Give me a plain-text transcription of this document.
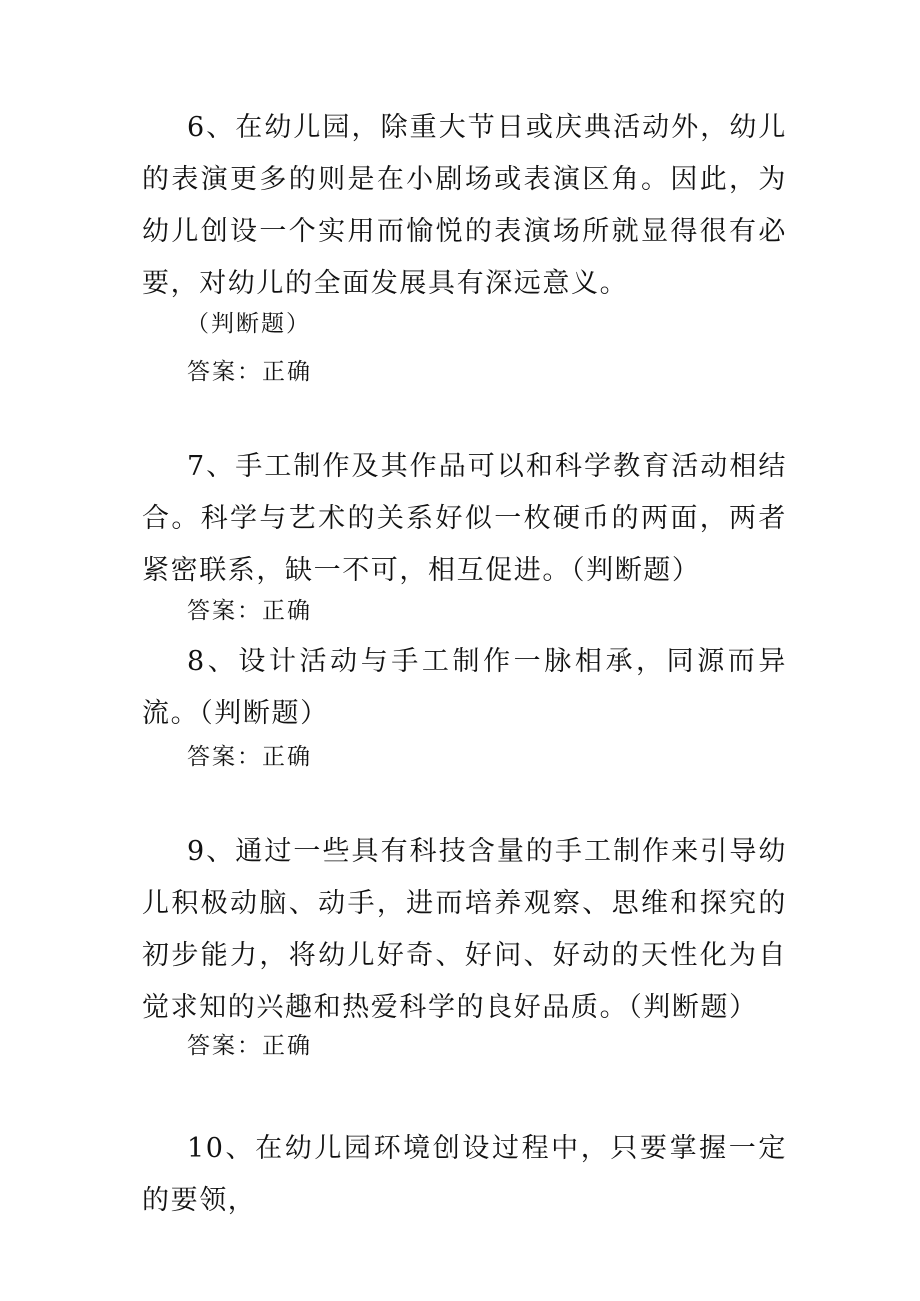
6、在幼儿园，除重大节日或庆典活动外，幼儿的表演更多的则是在小剧场或表演区角。因此，为幼儿创设一个实用而愉悦的表演场所就显得很有必要，对幼儿的全面发展具有深远意义。

（判断题）

答案：正确

7、手工制作及其作品可以和科学教育活动相结合。科学与艺术的关系好似一枚硬币的两面，两者紧密联系，缺一不可，相互促进。（判断题）

答案：正确

8、设计活动与手工制作一脉相承，同源而异流。（判断题）

答案：正确

9、通过一些具有科技含量的手工制作来引导幼儿积极动脑、动手，进而培养观察、思维和探究的初步能力，将幼儿好奇、好问、好动的天性化为自觉求知的兴趣和热爱科学的良好品质。（判断题）

答案：正确

10、在幼儿园环境创设过程中，只要掌握一定的要领，
